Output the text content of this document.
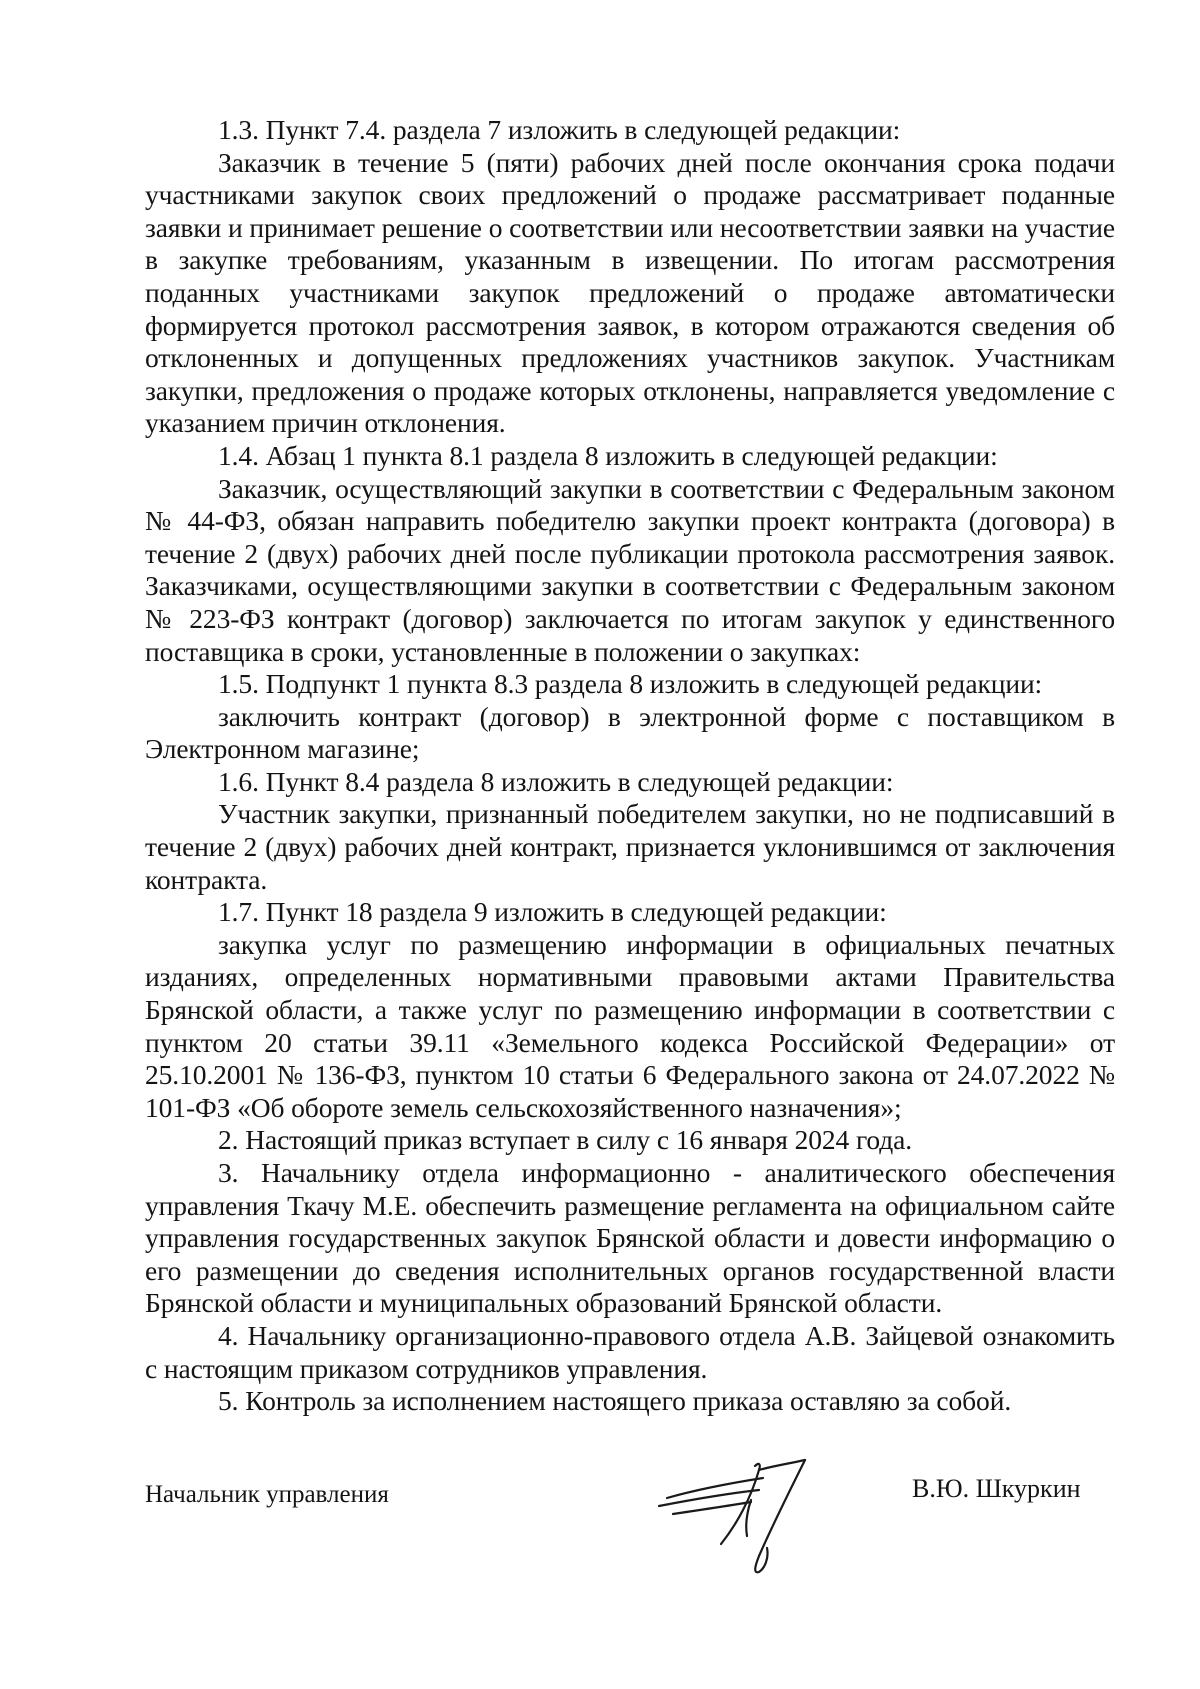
1.3. Пункт 7.4. раздела 7 изложить в следующей редакции:

Заказчик в течение 5 (пяти) рабочих дней после окончания срока подачи участниками закупок своих предложений о продаже рассматривает поданные заявки и принимает решение о соответствии или несоответствии заявки на участие в закупке требованиям, указанным в извещении. По итогам рассмотрения поданных участниками закупок предложений о продаже автоматически формируется протокол рассмотрения заявок, в котором отражаются сведения об отклоненных и допущенных предложениях участников закупок. Участникам закупки, предложения о продаже которых отклонены, направляется уведомление с указанием причин отклонения.

1.4. Абзац 1 пункта 8.1 раздела 8 изложить в следующей редакции:

Заказчик, осуществляющий закупки в соответствии с Федеральным законом № 44-ФЗ, обязан направить победителю закупки проект контракта (договора) в течение 2 (двух) рабочих дней после публикации протокола рассмотрения заявок. Заказчиками, осуществляющими закупки в соответствии с Федеральным законом № 223-ФЗ контракт (договор) заключается по итогам закупок у единственного поставщика в сроки, установленные в положении о закупках:

1.5. Подпункт 1 пункта 8.3 раздела 8 изложить в следующей редакции:

заключить контракт (договор) в электронной форме с поставщиком в Электронном магазине;

1.6. Пункт 8.4 раздела 8 изложить в следующей редакции:

Участник закупки, признанный победителем закупки, но не подписавший в течение 2 (двух) рабочих дней контракт, признается уклонившимся от заключения контракта.

1.7. Пункт 18 раздела 9 изложить в следующей редакции:

закупка услуг по размещению информации в официальных печатных изданиях, определенных нормативными правовыми актами Правительства Брянской области, а также услуг по размещению информации в соответствии с пунктом 20 статьи 39.11 «Земельного кодекса Российской Федерации» от 25.10.2001 № 136-ФЗ, пунктом 10 статьи 6 Федерального закона от 24.07.2022 № 101-ФЗ «Об обороте земель сельскохозяйственного назначения»;

2. Настоящий приказ вступает в силу с 16 января 2024 года.

3. Начальнику отдела информационно - аналитического обеспечения управления Ткачу М.Е. обеспечить размещение регламента на официальном сайте управления государственных закупок Брянской области и довести информацию о его размещении до сведения исполнительных органов государственной власти Брянской области и муниципальных образований Брянской области.

4. Начальнику организационно-правового отдела А.В. Зайцевой ознакомить с настоящим приказом сотрудников управления.

5. Контроль за исполнением настоящего приказа оставляю за собой.

Начальник управления	В.Ю. Шкуркин
